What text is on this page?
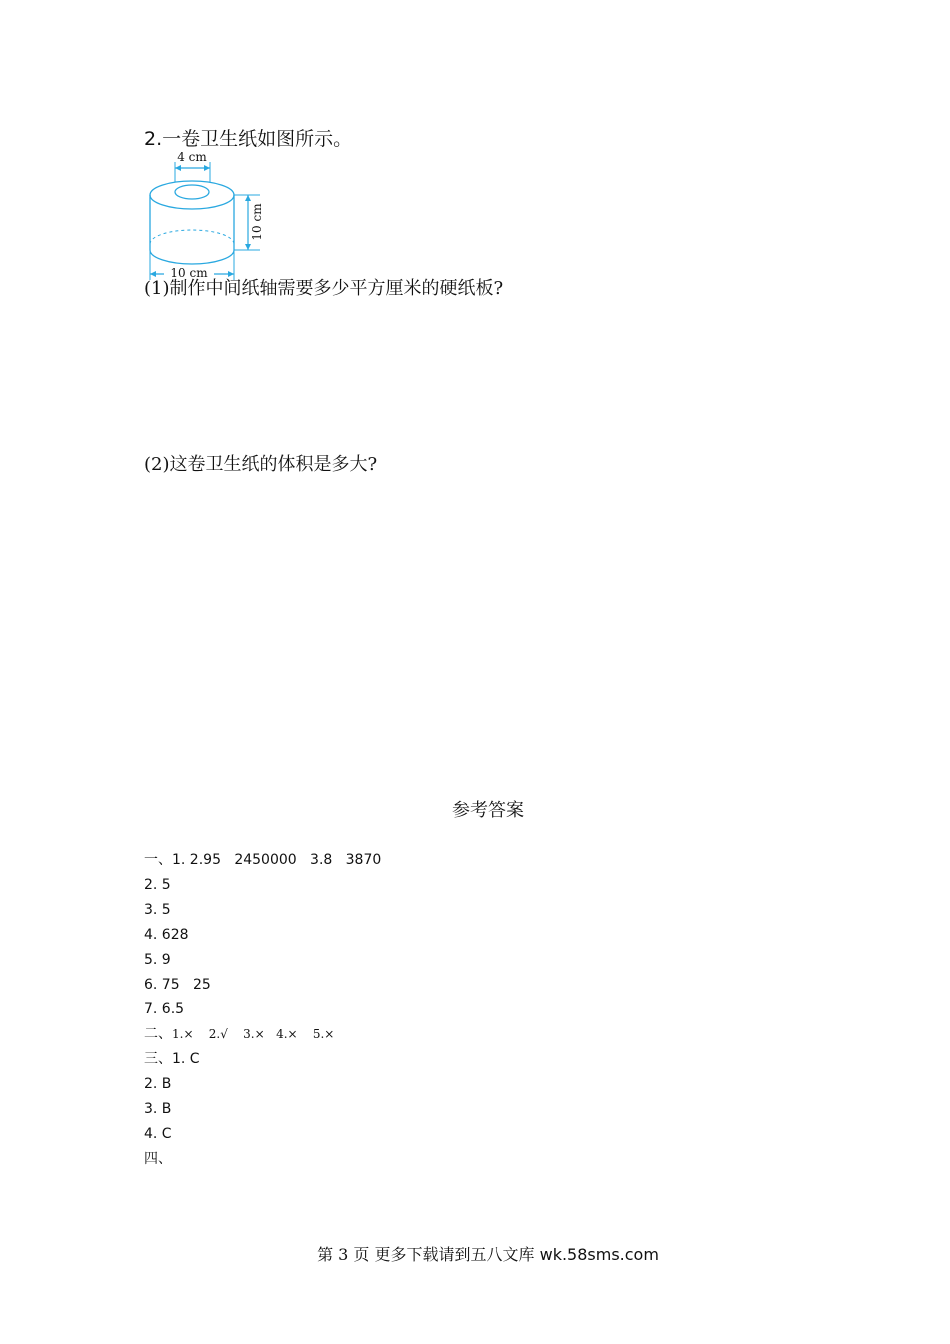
2.一卷卫生纸如图所示。
4 cm
10 cm
10 cm
(1)制作中间纸轴需要多少平方厘米的硬纸板?
(2)这卷卫生纸的体积是多大?
参考答案
一、1. 2.95   2450000   3.8   3870
2. 5
3. 5
4. 628
5. 9
6. 75   25
7. 6.5
二、1.×    2.√    3.×   4.×    5.×
三、1. C
2. B
3. B
4. C
四、
第 3 页 更多下载请到五八文库 wk.58sms.com
